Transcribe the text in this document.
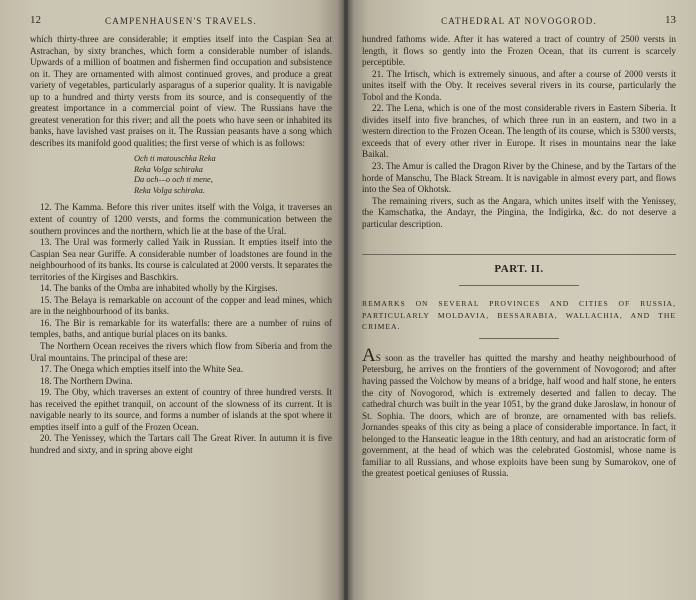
12	CAMPENHAUSEN'S TRAVELS.

which thirty-three are considerable; it empties itself into the Caspian Sea at Astrachan, by sixty branches, which form a considerable number of islands. Upwards of a million of boatmen and fishermen find occupation and subsistence on it. They are ornamented with almost continued groves, and produce a great variety of vegetables, particularly asparagus of a superior quality. It is navigable up to a hundred and thirty versts from its source, and is consequently of the greatest importance in a commercial point of view. The Russians have the greatest veneration for this river; and all the poets who have seen or inhabited its banks, have lavished vast praises on it. The Russian peasants have a song which describes its manifold good qualities; the first verse of which is as follows:

Och ti matouschka Reka
Reka Volga schiraka
Da och—o och ti mene,
Reka Volga schiraka.

12. The Kamma. Before this river unites itself with the Volga, it traverses an extent of country of 1200 versts, and forms the communication between the southern provinces and the northern, which lie at the base of the Ural.

13. The Ural was formerly called Yaik in Russian. It empties itself into the Caspian Sea near Guriffe. A considerable number of loadstones are found in the neighbourhood of its banks. Its course is calculated at 2000 versts. It separates the territories of the Kirgises and Baschkirs.

14. The banks of the Omba are inhabited wholly by the Kirgises.

15. The Belaya is remarkable on account of the copper and lead mines, which are in the neighbourhood of its banks.

16. The Bir is remarkable for its waterfalls: there are a number of ruins of temples, baths, and antique burial places on its banks.

The Northern Ocean receives the rivers which flow from Siberia and from the Ural mountains. The principal of these are:

17. The Onega which empties itself into the White Sea.

18. The Northern Dwina.

19. The Oby, which traverses an extent of country of three hundred versts. It has received the epithet tranquil, on account of the slowness of its current. It is navigable nearly to its source, and forms a number of islands at the spot where it empties itself into a gulf of the Frozen Ocean.

20. The Yenissey, which the Tartars call The Great River. In autumn it is five hundred and sixty, and in spring above eight

CATHEDRAL AT NOVOGOROD.	13

hundred fathoms wide. After it has watered a tract of country of 2500 versts in length, it flows so gently into the Frozen Ocean, that its current is scarcely perceptible.

21. The Irtisch, which is extremely sinuous, and after a course of 2000 versts it unites itself with the Oby. It receives several rivers in its course, particularly the Tobol and the Konda.

22. The Lena, which is one of the most considerable rivers in Eastern Siberia. It divides itself into five branches, of which three run in an eastern, and two in a western direction to the Frozen Ocean. The length of its course, which is 5300 versts, exceeds that of every other river in Europe. It rises in mountains near the lake Baikal.

23. The Amur is called the Dragon River by the Chinese, and by the Tartars of the horde of Manschu, The Black Stream. It is navigable in almost every part, and flows into the Sea of Okhotsk.

The remaining rivers, such as the Angara, which unites itself with the Yenissey, the Kamschatka, the Andayr, the Pingina, the Indigirka, &c. do not deserve a particular description.

PART. II.
REMARKS ON SEVERAL PROVINCES AND CITIES OF RUSSIA, PARTICULARLY MOLDAVIA, BESSARABIA, WALLACHIA, AND THE CRIMEA.

AS soon as the traveller has quitted the marshy and heathy neighbourhood of Petersburg, he arrives on the frontiers of the government of Novogorod; and after having passed the Volchow by means of a bridge, half wood and half stone, he enters the city of Novogorod, which is extremely deserted and fallen to decay. The cathedral church was built in the year 1051, by the grand duke Jaroslaw, in honour of St. Sophia. The doors, which are of bronze, are ornamented with bas reliefs. Jornandes speaks of this city as being a place of considerable importance. In fact, it belonged to the Hanseatic league in the 18th century, and had an aristocratic form of government, at the head of which was the celebrated Gostomisl, whose name is familiar to all Russians, and whose exploits have been sung by Sumarokov, one of the greatest poetical geniuses of Russia.
